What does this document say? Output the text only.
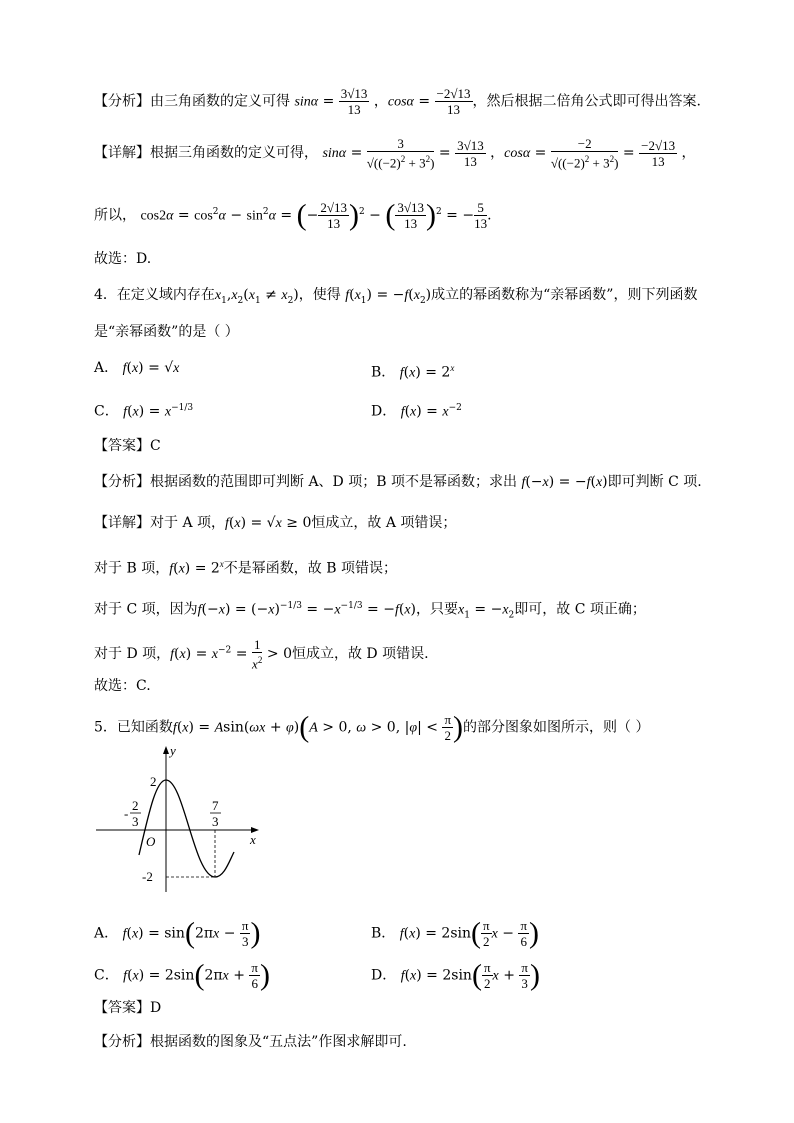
【分析】由三角函数的定义可得 $\sin\alpha = \frac{3√13}{13}$ ，$\cos\alpha = \frac{-2√13}{13}$ ，然后根据二倍角公式即可得出答案.
【详解】根据三角函数的定义可得， $\sin\alpha = \frac{3}{√((-2)^2 + 3^2)} = \frac{3√13}{13}$ ，$\cos\alpha = \frac{-2}{√((-2)^2 + 3^2)} = \frac{-2√13}{13}$ ，
所以， $\cos 2\alpha = \cos^2\alpha - \sin^2\alpha$ = (− $\frac{2√13}{13} )^2$ − ( $\frac{3√13}{13} )^2$ = − $\frac{5}{13}$ .
故选：D.
4．在定义域内存在$x_1,x_2(x_1 \ne x_2)$，使得 $f(x_1) = -f(x_2)$成立的幂函数称为“亲幂函数”，则下列函数
是“亲幂函数”的是（ ）
A． f(x) = √x	B． $f(x) = 2^x$
C． $f(x) = x^{-1/3}$	D． $f(x) = x^{-2}$
【答案】C
【分析】根据函数的范围即可判断 A、D 项；B 项不是幂函数；求出 f(−x) = −f(x)即可判断 C 项.
【详解】对于 A 项，f(x) = √x ≥ 0恒成立，故 A 项错误；
对于 B 项，$f(x) = 2^x$不是幂函数，故 B 项错误；
对于 C 项，因为$f(-x) = (-x)^{-1/3} = -x^{-1/3} = -f(x)$，只要$x_1 = -x_2$即可，故 C 项正确；
对于 D 项，$f(x) = x^{-2} = \frac{1}{x^2} > 0$恒成立，故 D 项错误.
故选：C.
5．已知函数f(x) = Asin(ωx + φ)(A > 0, ω > 0, $|\varphi| < \frac{\pi}{2}$ )的部分图象如图所示，则（ ）
y
x
O
2
-2
2
3
-
7
3
A． $f(x) = \sin(2\pi x - \frac{\pi}{3}$ )	B． $f(x) = 2\sin( \frac{\pi}{2}$ $x - \frac{\pi}{6}$ )
C． $f(x) = 2\sin(2\pi x + \frac{\pi}{6}$ )	D． $f(x) = 2\sin( \frac{\pi}{2}$ $x + \frac{\pi}{3}$ )
【答案】D
【分析】根据函数的图象及“五点法”作图求解即可.
